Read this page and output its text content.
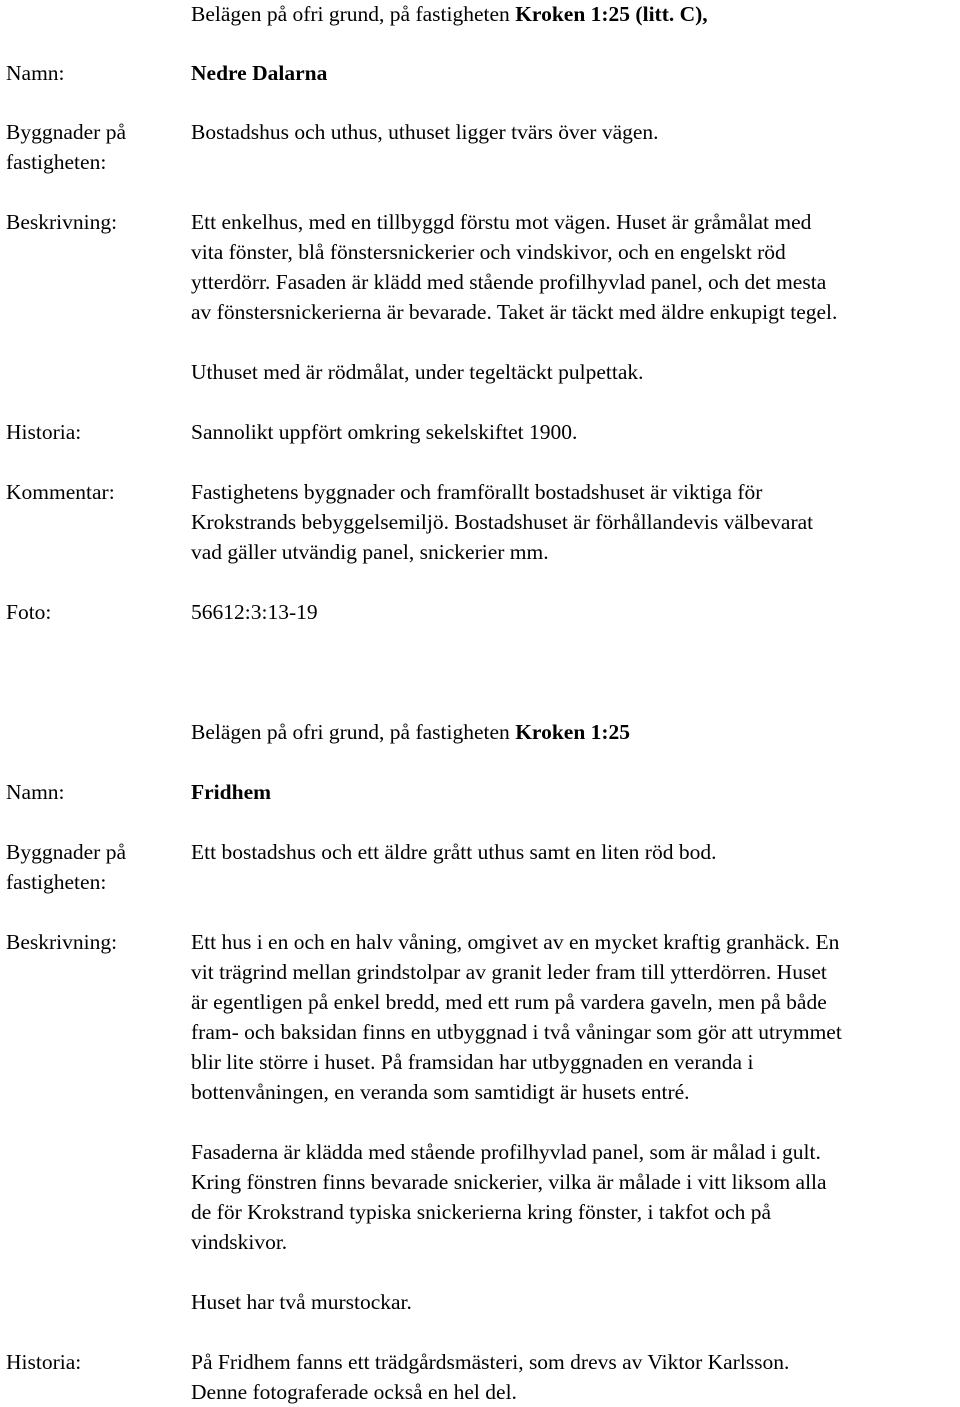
Belägen på ofri grund, på fastigheten Kroken 1:25 (litt. C),
Namn:	Nedre Dalarna
Byggnader på
fastigheten:
Bostadshus och uthus, uthuset ligger tvärs över vägen.
Beskrivning:	Ett enkelhus, med en tillbyggd förstu mot vägen. Huset är gråmålat med
vita fönster, blå fönstersnickerier och vindskivor, och en engelskt röd
ytterdörr. Fasaden är klädd med stående profilhyvlad panel, och det mesta
av fönstersnickerierna är bevarade. Taket är täckt med äldre enkupigt tegel.
Uthuset med är rödmålat, under tegeltäckt pulpettak.
Historia:	Sannolikt uppfört omkring sekelskiftet 1900.
Kommentar:	Fastighetens byggnader och framförallt bostadshuset är viktiga för
Krokstrands bebyggelsemiljö. Bostadshuset är förhållandevis välbevarat
vad gäller utvändig panel, snickerier mm.
Foto:	56612:3:13-19
Belägen på ofri grund, på fastigheten Kroken 1:25
Namn:	Fridhem
Byggnader på
fastigheten:
Ett bostadshus och ett äldre grått uthus samt en liten röd bod.
Beskrivning:	Ett hus i en och en halv våning, omgivet av en mycket kraftig granhäck. En
vit trägrind mellan grindstolpar av granit leder fram till ytterdörren. Huset
är egentligen på enkel bredd, med ett rum på vardera gaveln, men på både
fram- och baksidan finns en utbyggnad i två våningar som gör att utrymmet
blir lite större i huset. På framsidan har utbyggnaden en veranda i
bottenvåningen, en veranda som samtidigt är husets entré.
Fasaderna är klädda med stående profilhyvlad panel, som är målad i gult.
Kring fönstren finns bevarade snickerier, vilka är målade i vitt liksom alla
de för Krokstrand typiska snickerierna kring fönster, i takfot och på
vindskivor.
Huset har två murstockar.
Historia:	På Fridhem fanns ett trädgårdsmästeri, som drevs av Viktor Karlsson.
Denne fotograferade också en hel del.
